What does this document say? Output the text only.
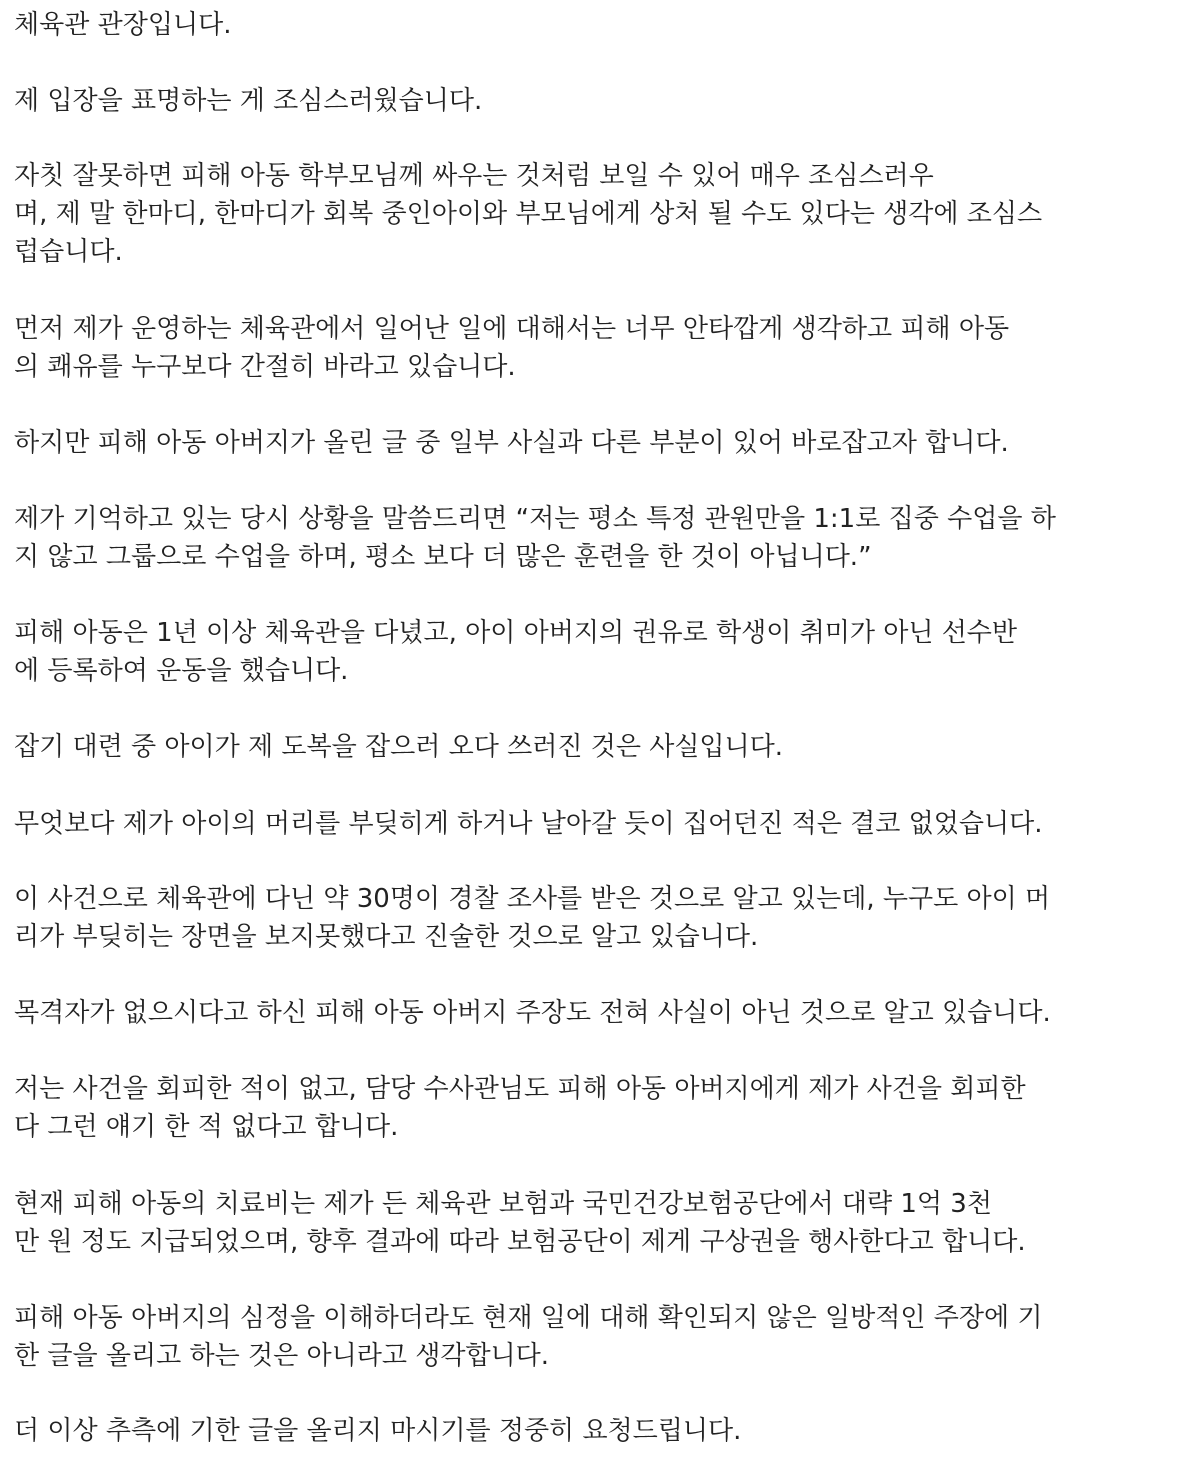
체육관 관장입니다.
제 입장을 표명하는 게 조심스러웠습니다.
자칫 잘못하면 피해 아동 학부모님께 싸우는 것처럼 보일 수 있어 매우 조심스러우
며, 제 말 한마디, 한마디가 회복 중인아이와 부모님에게 상처 될 수도 있다는 생각에 조심스
럽습니다.
먼저 제가 운영하는 체육관에서 일어난 일에 대해서는 너무 안타깝게 생각하고 피해 아동
의 쾌유를 누구보다 간절히 바라고 있습니다.
하지만 피해 아동 아버지가 올린 글 중 일부 사실과 다른 부분이 있어 바로잡고자 합니다.
제가 기억하고 있는 당시 상황을 말씀드리면 “저는 평소 특정 관원만을 1:1로 집중 수업을 하
지 않고 그룹으로 수업을 하며, 평소 보다 더 많은 훈련을 한 것이 아닙니다.”
피해 아동은 1년 이상 체육관을 다녔고, 아이 아버지의 권유로 학생이 취미가 아닌 선수반
에 등록하여 운동을 했습니다.
잡기 대련 중 아이가 제 도복을 잡으러 오다 쓰러진 것은 사실입니다.
무엇보다 제가 아이의 머리를 부딪히게 하거나 날아갈 듯이 집어던진 적은 결코 없었습니다.
이 사건으로 체육관에 다닌 약 30명이 경찰 조사를 받은 것으로 알고 있는데, 누구도 아이 머
리가 부딪히는 장면을 보지못했다고 진술한 것으로 알고 있습니다.
목격자가 없으시다고 하신 피해 아동 아버지 주장도 전혀 사실이 아닌 것으로 알고 있습니다.
저는 사건을 회피한 적이 없고, 담당 수사관님도 피해 아동 아버지에게 제가 사건을 회피한
다 그런 얘기 한 적 없다고 합니다.
현재 피해 아동의 치료비는 제가 든 체육관 보험과 국민건강보험공단에서 대략 1억 3천
만 원 정도 지급되었으며, 향후 결과에 따라 보험공단이 제게 구상권을 행사한다고 합니다.
피해 아동 아버지의 심정을 이해하더라도 현재 일에 대해 확인되지 않은 일방적인 주장에 기
한 글을 올리고 하는 것은 아니라고 생각합니다.
더 이상 추측에 기한 글을 올리지 마시기를 정중히 요청드립니다.
